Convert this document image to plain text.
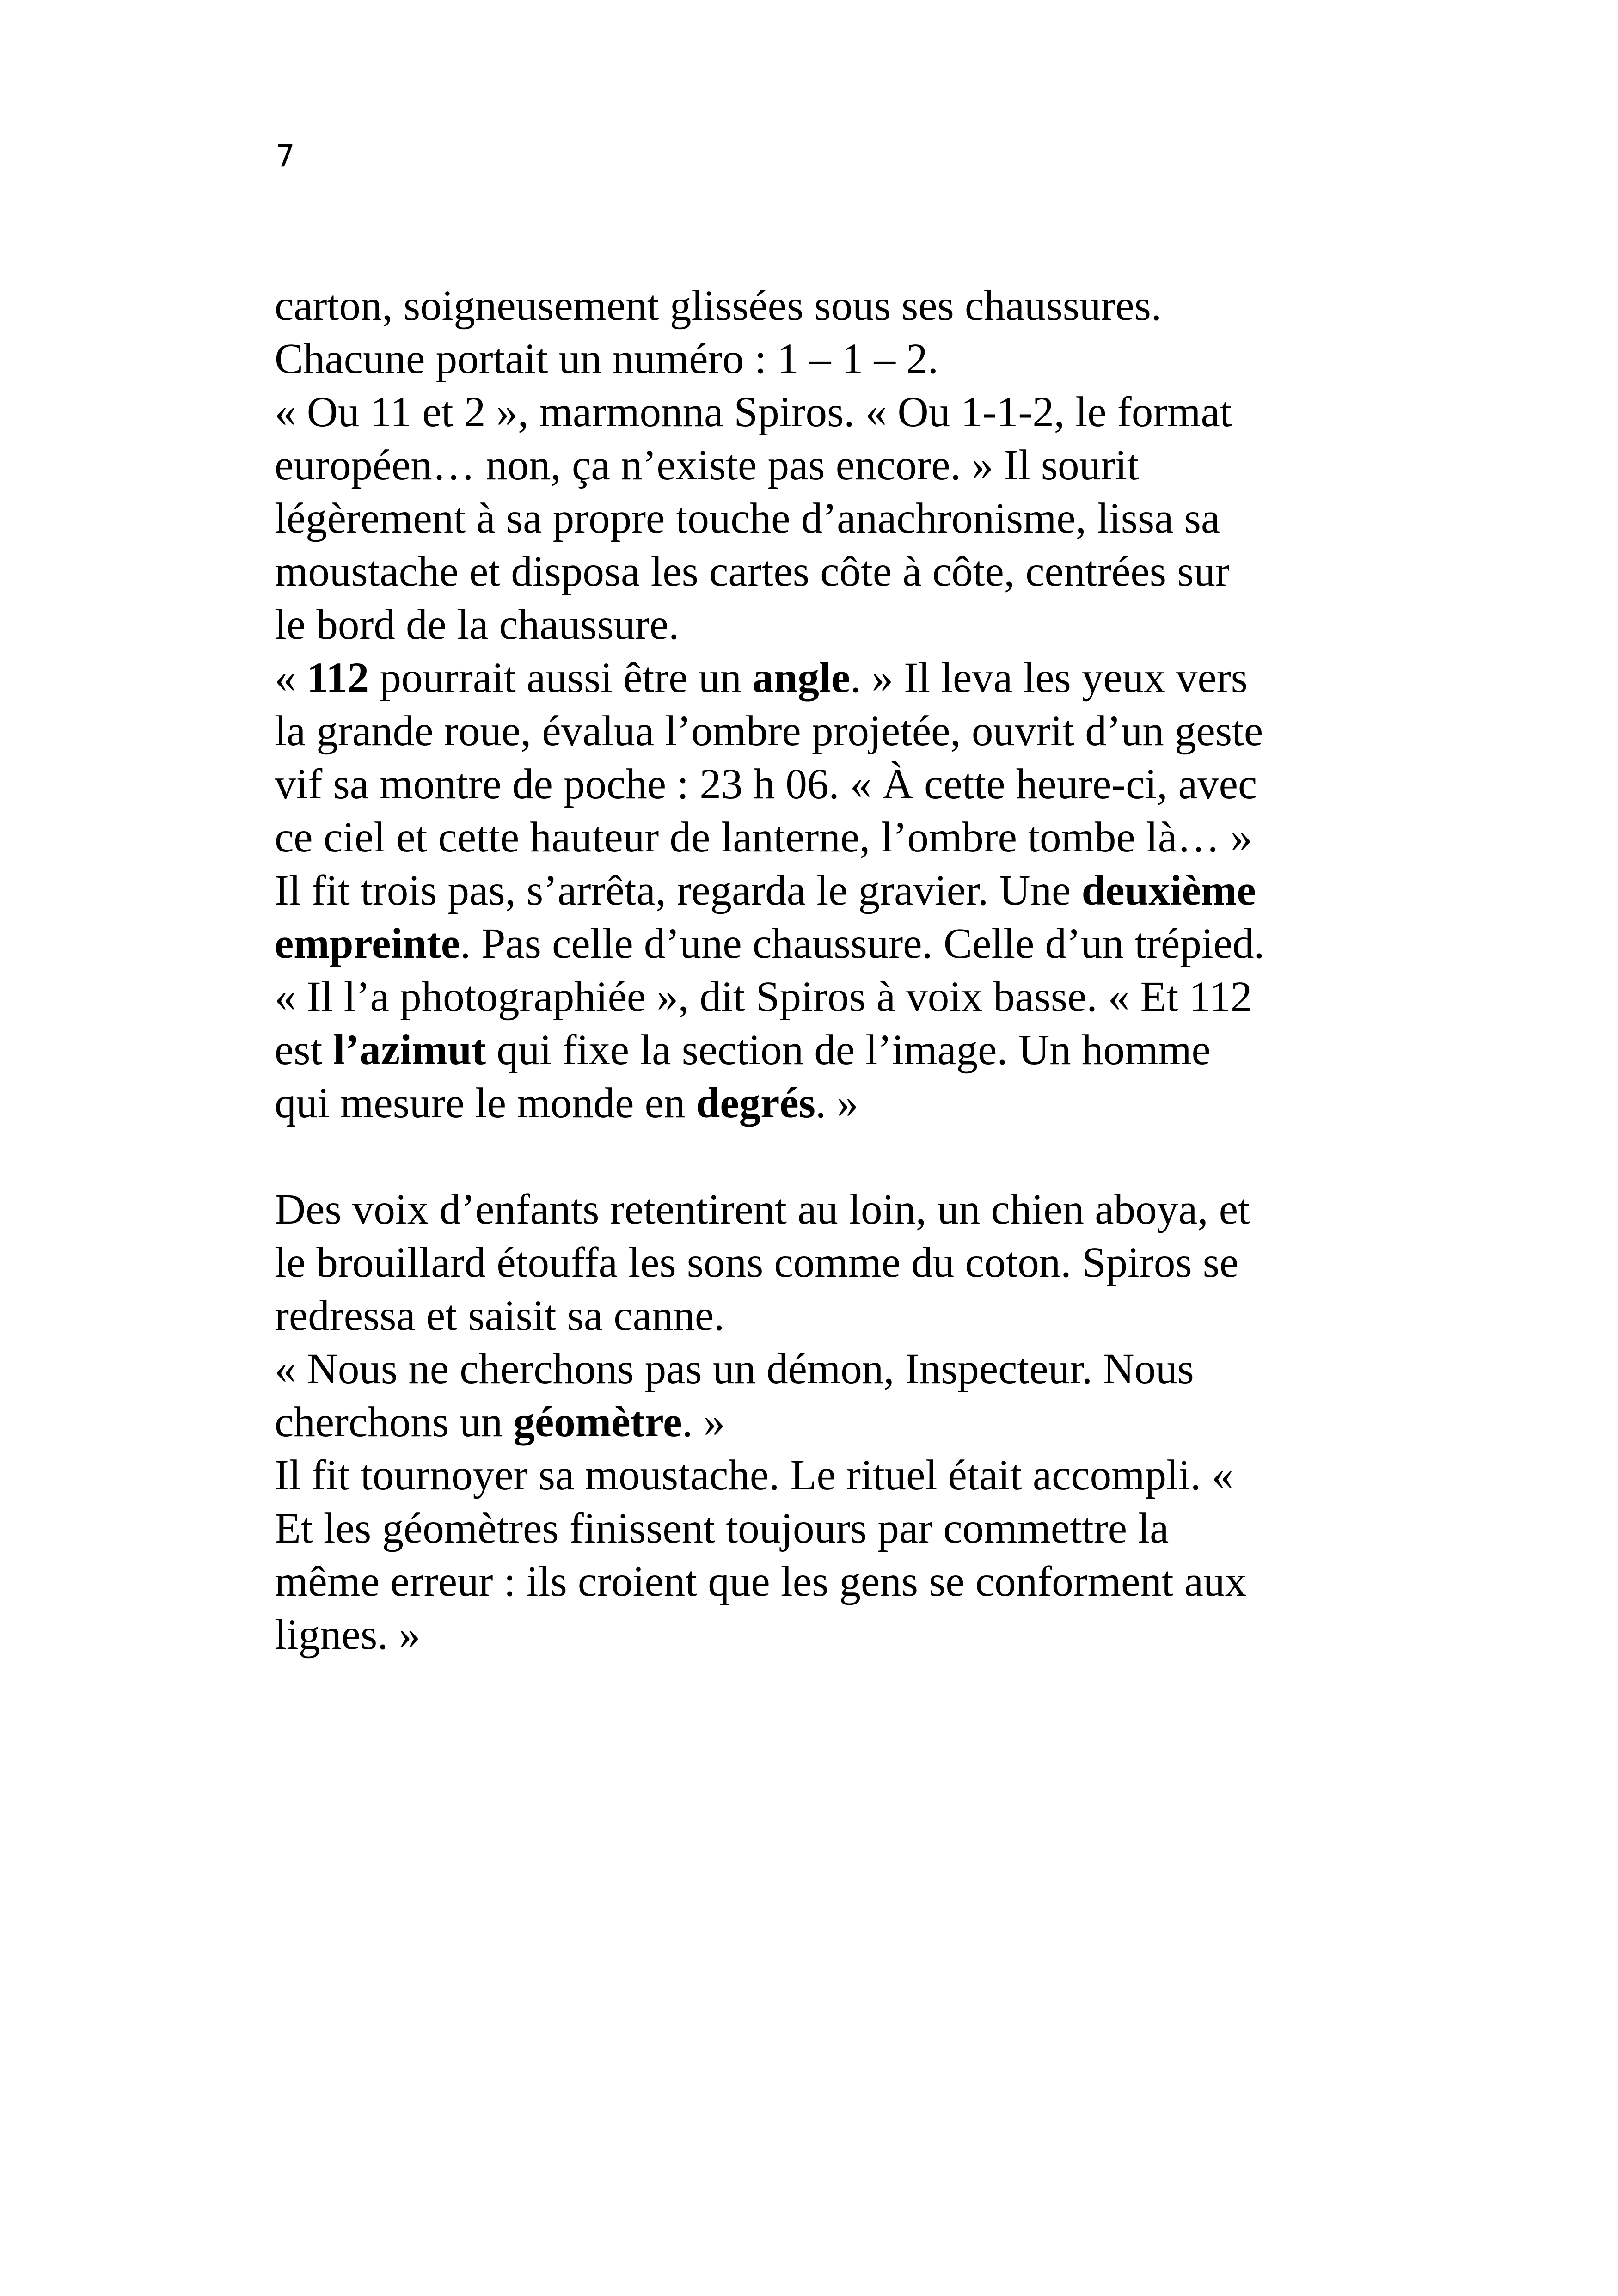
7
carton, soigneusement glissées sous ses chaussures.
Chacune portait un numéro : 1 – 1 – 2.
« Ou 11 et 2 », marmonna Spiros. « Ou 1-1-2, le format
européen… non, ça n’existe pas encore. » Il sourit
légèrement à sa propre touche d’anachronisme, lissa sa
moustache et disposa les cartes côte à côte, centrées sur
le bord de la chaussure.
« 112 pourrait aussi être un angle. » Il leva les yeux vers
la grande roue, évalua l’ombre projetée, ouvrit d’un geste
vif sa montre de poche : 23 h 06. « À cette heure-ci, avec
ce ciel et cette hauteur de lanterne, l’ombre tombe là… »
Il fit trois pas, s’arrêta, regarda le gravier. Une deuxième
empreinte. Pas celle d’une chaussure. Celle d’un trépied.
« Il l’a photographiée », dit Spiros à voix basse. « Et 112
est l’azimut qui fixe la section de l’image. Un homme
qui mesure le monde en degrés. »
Des voix d’enfants retentirent au loin, un chien aboya, et
le brouillard étouffa les sons comme du coton. Spiros se
redressa et saisit sa canne.
« Nous ne cherchons pas un démon, Inspecteur. Nous
cherchons un géomètre. »
Il fit tournoyer sa moustache. Le rituel était accompli. «
Et les géomètres finissent toujours par commettre la
même erreur : ils croient que les gens se conforment aux
lignes. »
